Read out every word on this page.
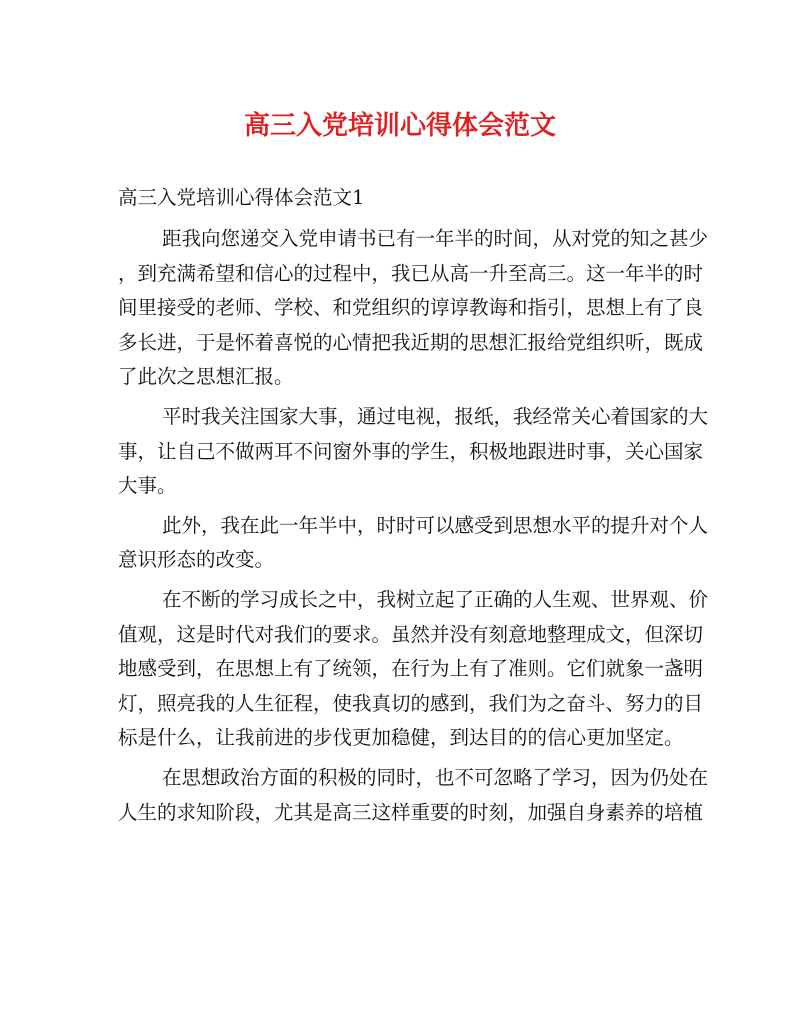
高三入党培训心得体会范文

高三入党培训心得体会范文1

距我向您递交入党申请书已有一年半的时间，从对党的知之甚少
，到充满希望和信心的过程中，我已从高一升至高三。这一年半的时
间里接受的老师、学校、和党组织的谆谆教诲和指引，思想上有了良
多长进，于是怀着喜悦的心情把我近期的思想汇报给党组织听，既成
了此次之思想汇报。

平时我关注国家大事，通过电视，报纸，我经常关心着国家的大
事，让自己不做两耳不问窗外事的学生，积极地跟进时事，关心国家
大事。

此外，我在此一年半中，时时可以感受到思想水平的提升对个人
意识形态的改变。

在不断的学习成长之中，我树立起了正确的人生观、世界观、价
值观，这是时代对我们的要求。虽然并没有刻意地整理成文，但深切
地感受到，在思想上有了统领，在行为上有了准则。它们就象一盏明
灯，照亮我的人生征程，使我真切的感到，我们为之奋斗、努力的目
标是什么，让我前进的步伐更加稳健，到达目的的信心更加坚定。

在思想政治方面的积极的同时，也不可忽略了学习，因为仍处在
人生的求知阶段，尤其是高三这样重要的时刻，加强自身素养的培植
